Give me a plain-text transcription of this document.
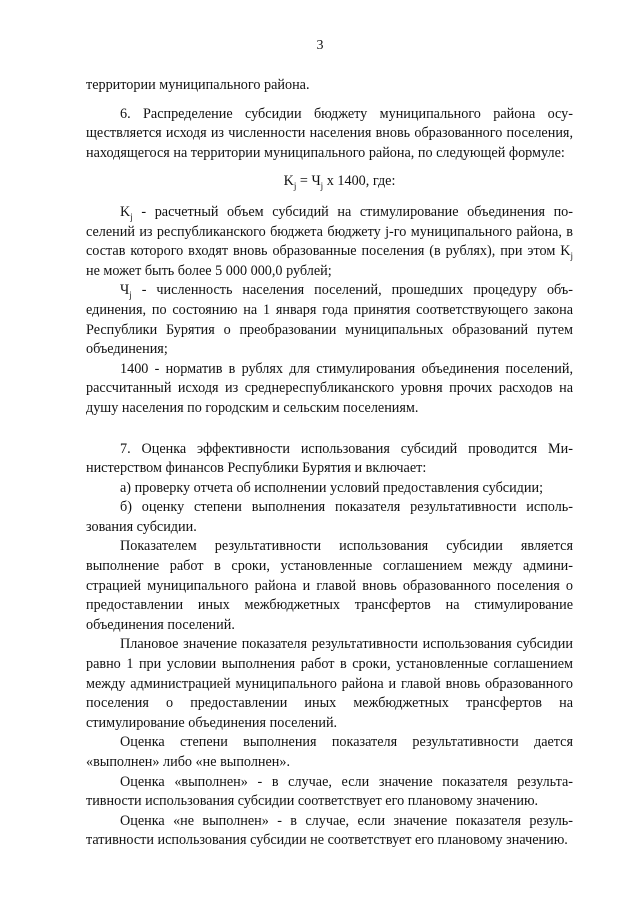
3

территории муниципального района.

6. Распределение субсидии бюджету муниципального района осуществляется исходя из численности населения вновь образованного поселения, находящегося на территории муниципального района, по следующей формуле:

$K_j = Ч_j$ x 1400, где:

$K_j$ - расчетный объем субсидий на стимулирование объединения поселений из республиканского бюджета бюджету j-го муниципального района, в состав которого входят вновь образованные поселения (в рублях), при этом $K_j$ не может быть более 5 000 000,0 рублей;

$Ч_j$ - численность населения поселений, прошедших процедуру объединения, по состоянию на 1 января года принятия соответствующего закона Республики Бурятия о преобразовании муниципальных образований путем объединения;

1400 - норматив в рублях для стимулирования объединения поселений, рассчитанный исходя из среднереспубликанского уровня прочих расходов на душу населения по городским и сельским поселениям.

7. Оценка эффективности использования субсидий проводится Министерством финансов Республики Бурятия и включает:

а) проверку отчета об исполнении условий предоставления субсидии;

б) оценку степени выполнения показателя результативности использования субсидии.

Показателем результативности использования субсидии является выполнение работ в сроки, установленные соглашением между администрацией муниципального района и главой вновь образованного поселения о предоставлении иных межбюджетных трансфертов на стимулирование объединения поселений.

Плановое значение показателя результативности использования субсидии равно 1 при условии выполнения работ в сроки, установленные соглашением между администрацией муниципального района и главой вновь образованного поселения о предоставлении иных межбюджетных трансфертов на стимулирование объединения поселений.

Оценка степени выполнения показателя результативности дается «выполнен» либо «не выполнен».

Оценка «выполнен» - в случае, если значение показателя результативности использования субсидии соответствует его плановому значению.

Оценка «не выполнен» - в случае, если значение показателя результативности использования субсидии не соответствует его плановому значению.
